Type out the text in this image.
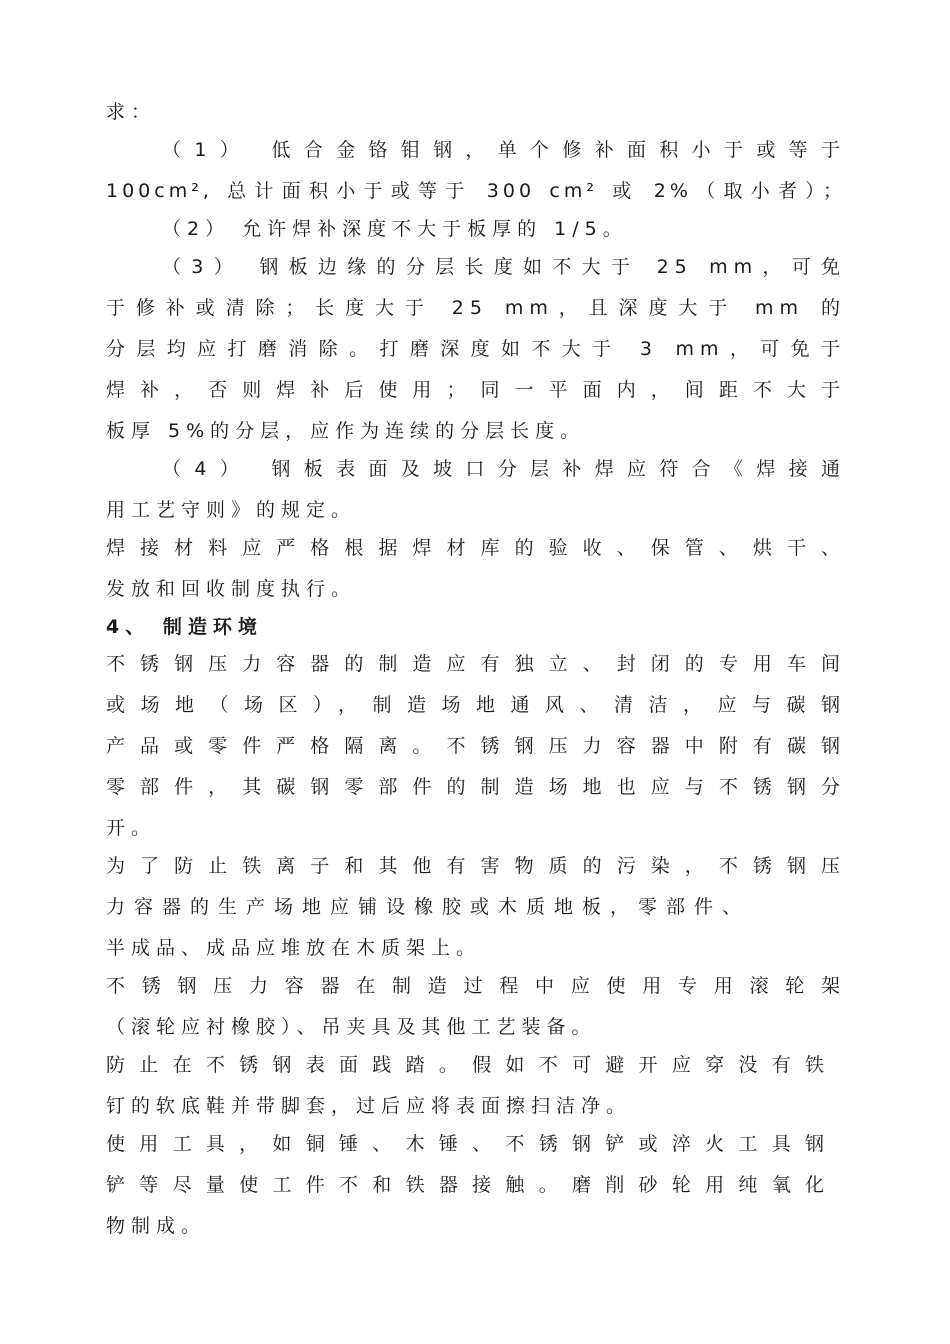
求：
（1） 低合金铬钼钢，单个修补面积小于或等于
100cm², 总计面积小于或等于 300 cm² 或 2%（取小者）；
（2） 允许焊补深度不大于板厚的 1/5。
（3） 钢板边缘的分层长度如不大于 25 mm，可免
于修补或清除；长度大于 25 mm，且深度大于 mm 的
分层均应打磨消除。打磨深度如不大于 3 mm，可免于
焊补，否则焊补后使用；同一平面内，间距不大于
板厚 5%的分层，应作为连续的分层长度。
（4） 钢板表面及坡口分层补焊应符合《焊接通
用工艺守则》的规定。
焊接材料应严格根据焊材库的验收、保管、烘干、
发放和回收制度执行。
4、 制造环境
不锈钢压力容器的制造应有独立、封闭的专用车间
或场地（场区），制造场地通风、清洁，应与碳钢
产品或零件严格隔离。不锈钢压力容器中附有碳钢
零部件，其碳钢零部件的制造场地也应与不锈钢分
开。
为了防止铁离子和其他有害物质的污染，不锈钢压
力容器的生产场地应铺设橡胶或木质地板，零部件、
半成品、成品应堆放在木质架上。
不锈钢压力容器在制造过程中应使用专用滚轮架
（滚轮应衬橡胶）、吊夹具及其他工艺装备。
防止在不锈钢表面践踏。假如不可避开应穿没有铁
钉的软底鞋并带脚套，过后应将表面擦扫洁净。
使用工具，如铜锤、木锤、不锈钢铲或淬火工具钢
铲等尽量使工件不和铁器接触。磨削砂轮用纯氧化
物制成。
